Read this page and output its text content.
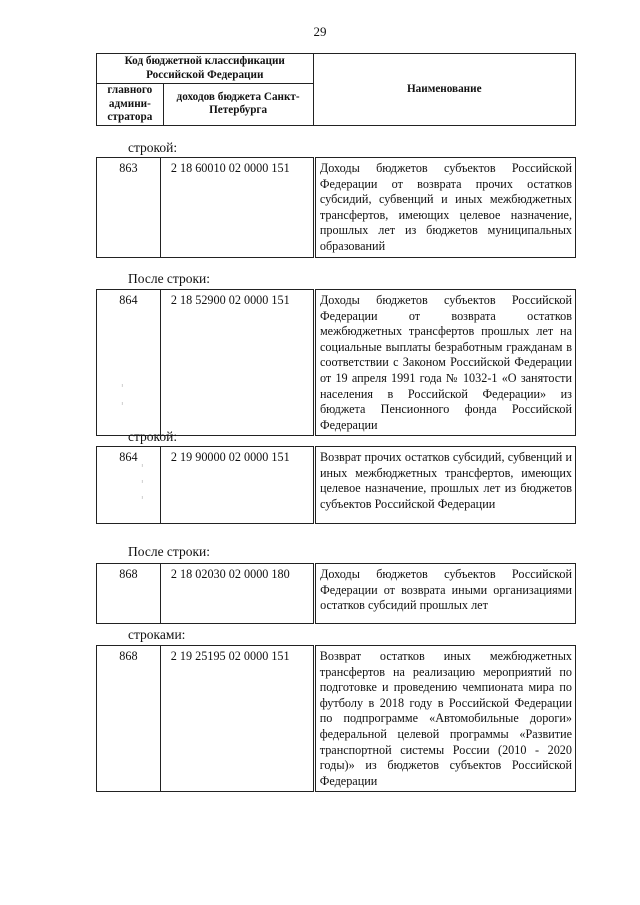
29
Код бюджетной классификации Российской Федерации		Наименование
главного админи-стратора	доходов бюджета Санкт-Петербурга	
строкой:
863	2 18 60010 02 0000 151	Доходы бюджетов субъектов Российской Федерации от возврата прочих остатков субсидий, субвенций и иных межбюджетных трансфертов, имеющих целевое назначение, прошлых лет из бюджетов муниципальных образований
После строки:
864	2 18 52900 02 0000 151	Доходы бюджетов субъектов Российской Федерации от возврата остатков межбюджетных трансфертов прошлых лет на социальные выплаты безработным гражданам в соответствии с Законом Российской Федерации от 19 апреля 1991 года № 1032-1 «О занятости населения в Российской Федерации» из бюджета Пенсионного фонда Российской Федерации
строкой:
864	2 19 90000 02 0000 151	Возврат прочих остатков субсидий, субвенций и иных межбюджетных трансфертов, имеющих целевое назначение, прошлых лет из бюджетов субъектов Российской Федерации
После строки:
868	2 18 02030 02 0000 180	Доходы бюджетов субъектов Российской Федерации от возврата иными организациями остатков субсидий прошлых лет
строками:
868	2 19 25195 02 0000 151	Возврат остатков иных межбюджетных трансфертов на реализацию мероприятий по подготовке и проведению чемпионата мира по футболу в 2018 году в Российской Федерации по подпрограмме «Автомобильные дороги» федеральной целевой программы «Развитие транспортной системы России (2010 - 2020 годы)» из бюджетов субъектов Российской Федерации
ⸯ
ⸯ
ⸯ
ⸯ
ⸯ
